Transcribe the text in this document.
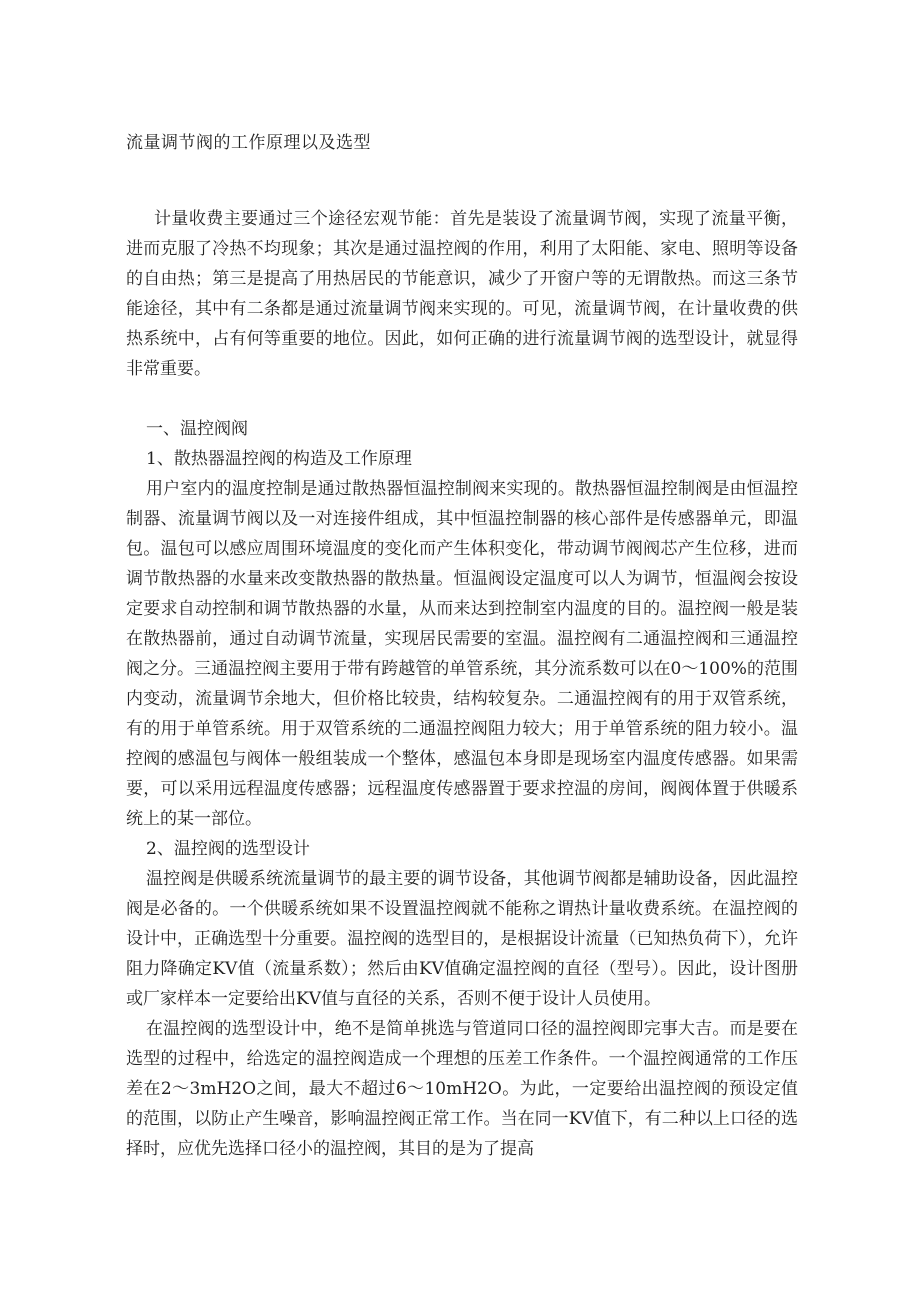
流量调节阀的工作原理以及选型

计量收费主要通过三个途径宏观节能：首先是装设了流量调节阀，实现了流量平衡，进而克服了冷热不均现象；其次是通过温控阀的作用，利用了太阳能、家电、照明等设备的自由热；第三是提高了用热居民的节能意识，减少了开窗户等的无谓散热。而这三条节能途径，其中有二条都是通过流量调节阀来实现的。可见，流量调节阀，在计量收费的供热系统中，占有何等重要的地位。因此，如何正确的进行流量调节阀的选型设计，就显得非常重要。

一、温控阀阀

1、散热器温控阀的构造及工作原理

用户室内的温度控制是通过散热器恒温控制阀来实现的。散热器恒温控制阀是由恒温控制器、流量调节阀以及一对连接件组成，其中恒温控制器的核心部件是传感器单元，即温包。温包可以感应周围环境温度的变化而产生体积变化，带动调节阀阀芯产生位移，进而调节散热器的水量来改变散热器的散热量。恒温阀设定温度可以人为调节，恒温阀会按设定要求自动控制和调节散热器的水量，从而来达到控制室内温度的目的。温控阀一般是装在散热器前，通过自动调节流量，实现居民需要的室温。温控阀有二通温控阀和三通温控阀之分。三通温控阀主要用于带有跨越管的单管系统，其分流系数可以在0～100%的范围内变动，流量调节余地大，但价格比较贵，结构较复杂。二通温控阀有的用于双管系统，有的用于单管系统。用于双管系统的二通温控阀阻力较大；用于单管系统的阻力较小。温控阀的感温包与阀体一般组装成一个整体，感温包本身即是现场室内温度传感器。如果需要，可以采用远程温度传感器；远程温度传感器置于要求控温的房间，阀阀体置于供暖系统上的某一部位。

2、温控阀的选型设计

温控阀是供暖系统流量调节的最主要的调节设备，其他调节阀都是辅助设备，因此温控阀是必备的。一个供暖系统如果不设置温控阀就不能称之谓热计量收费系统。在温控阀的设计中，正确选型十分重要。温控阀的选型目的，是根据设计流量（已知热负荷下），允许阻力降确定KV值（流量系数）；然后由KV值确定温控阀的直径（型号）。因此，设计图册或厂家样本一定要给出KV值与直径的关系，否则不便于设计人员使用。

在温控阀的选型设计中，绝不是简单挑选与管道同口径的温控阀即完事大吉。而是要在选型的过程中，给选定的温控阀造成一个理想的压差工作条件。一个温控阀通常的工作压差在2～3mH2O之间，最大不超过6～10mH2O。为此，一定要给出温控阀的预设定值的范围，以防止产生噪音，影响温控阀正常工作。当在同一KV值下，有二种以上口径的选择时，应优先选择口径小的温控阀，其目的是为了提高
